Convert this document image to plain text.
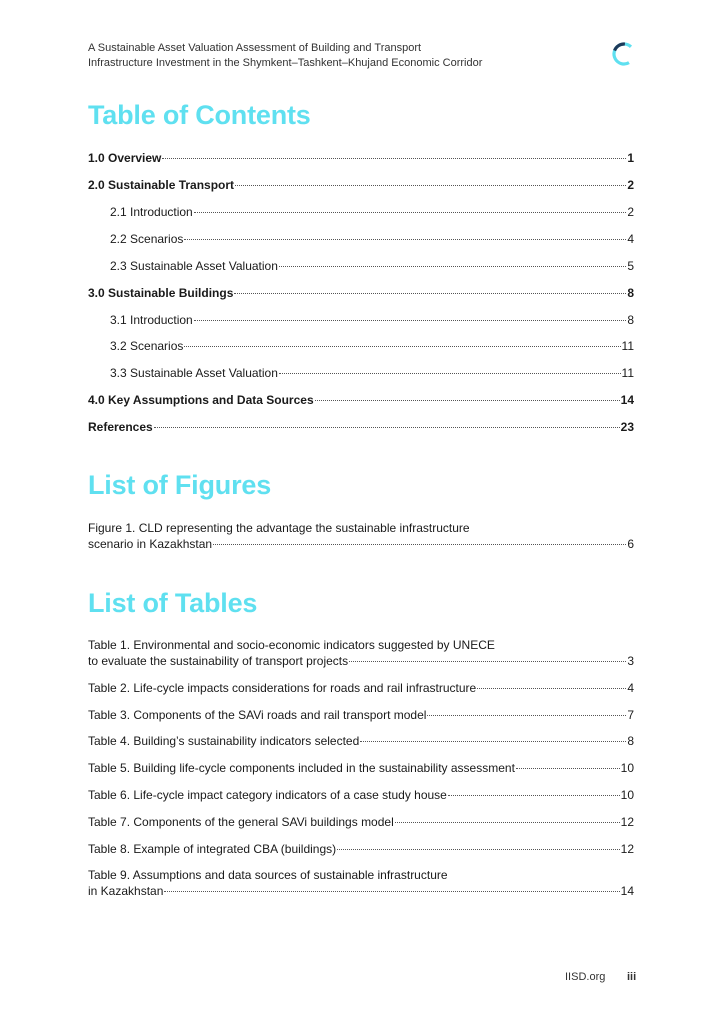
A Sustainable Asset Valuation Assessment of Building and Transport
Infrastructure Investment in the Shymkent–Tashkent–Khujand Economic Corridor
Table of Contents
1.0 Overview	1
2.0 Sustainable Transport	2
2.1 Introduction	2
2.2 Scenarios	4
2.3 Sustainable Asset Valuation	5
3.0 Sustainable Buildings	8
3.1 Introduction	8
3.2 Scenarios	11
3.3 Sustainable Asset Valuation	11
4.0 Key Assumptions and Data Sources	14
References	23
List of Figures
Figure 1. CLD representing the advantage the sustainable infrastructure
scenario in Kazakhstan	6
List of Tables
Table 1. Environmental and socio-economic indicators suggested by UNECE
to evaluate the sustainability of transport projects	3
Table 2. Life-cycle impacts considerations for roads and rail infrastructure	4
Table 3. Components of the SAVi roads and rail transport model	7
Table 4. Building’s sustainability indicators selected	8
Table 5. Building life-cycle components included in the sustainability assessment	10
Table 6. Life-cycle impact category indicators of a case study house	10
Table 7. Components of the general SAVi buildings model	12
Table 8. Example of integrated CBA (buildings)	12
Table 9. Assumptions and data sources of sustainable infrastructure
in Kazakhstan	14
IISD.org iii
